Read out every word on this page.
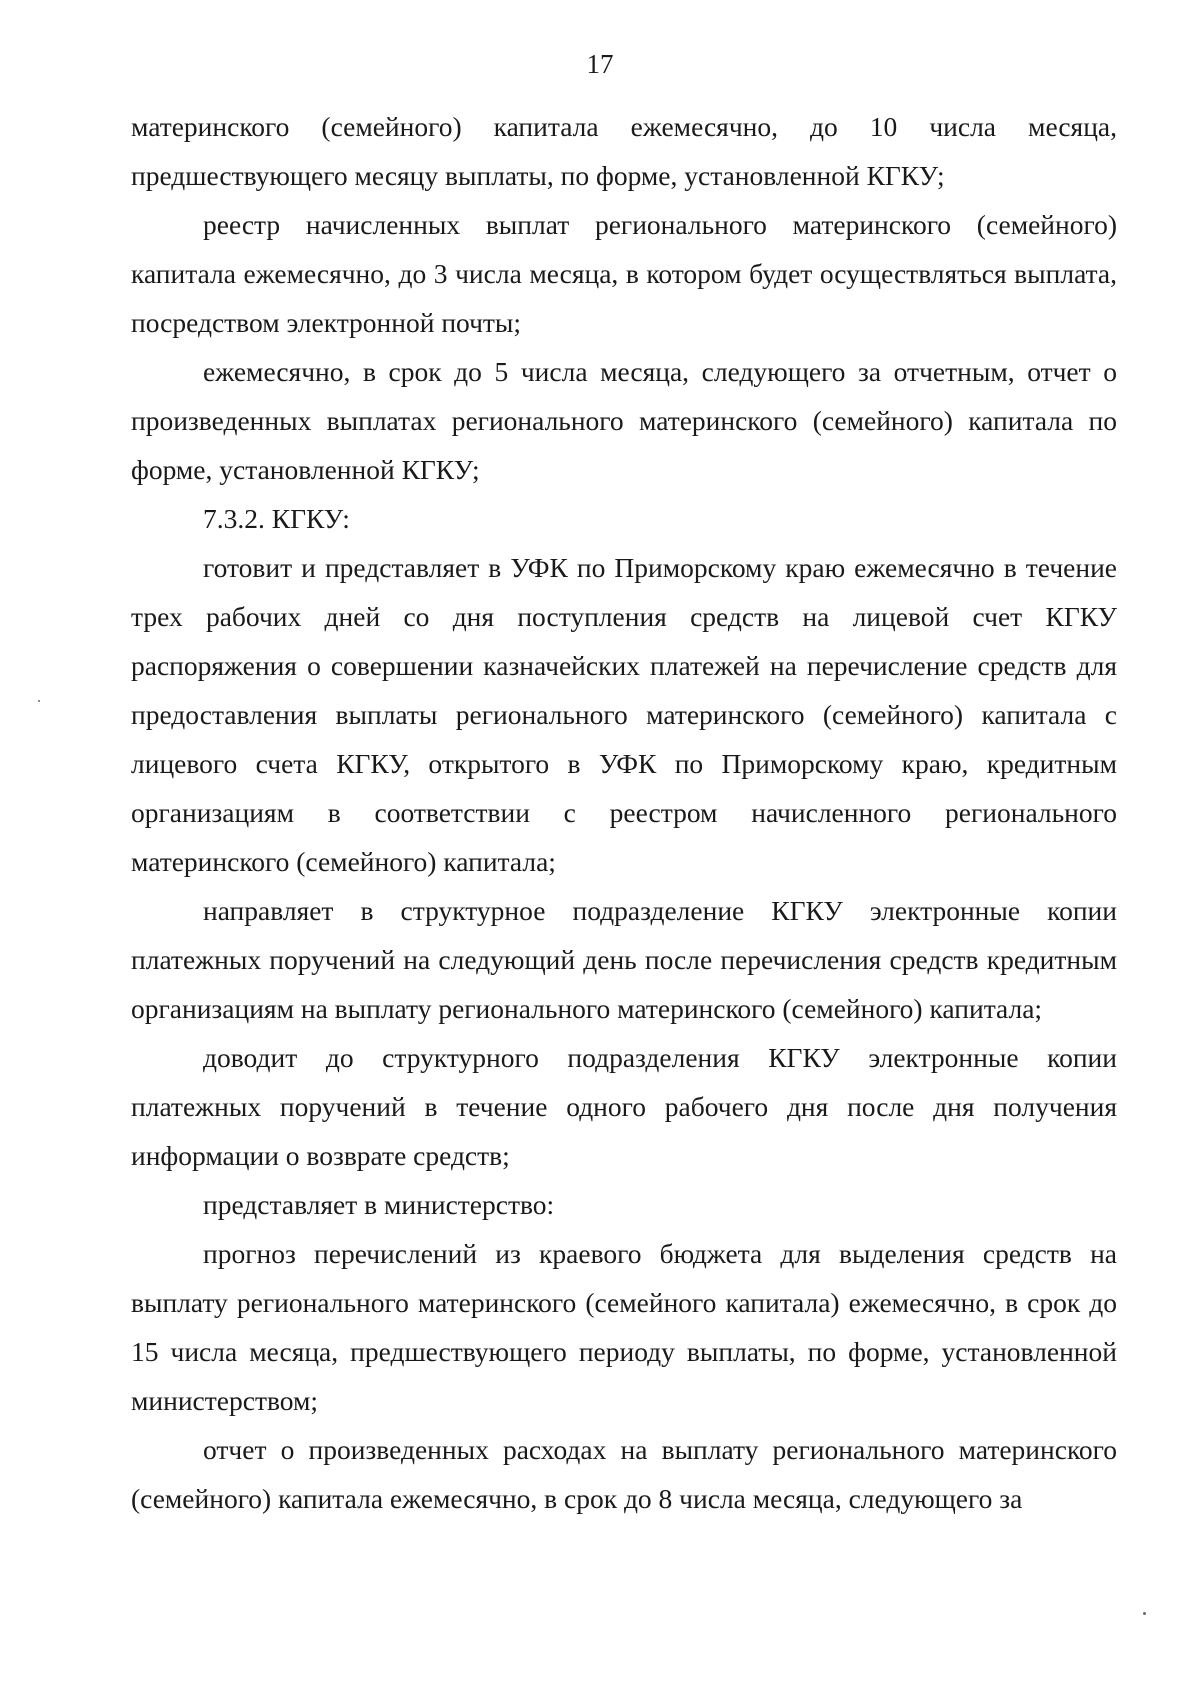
17

материнского (семейного) капитала ежемесячно, до 10 числа месяца, предшествующего месяцу выплаты, по форме, установленной КГКУ;

реестр начисленных выплат регионального материнского (семейного) капитала ежемесячно, до 3 числа месяца, в котором будет осуществляться выплата, посредством электронной почты;

ежемесячно, в срок до 5 числа месяца, следующего за отчетным, отчет о произведенных выплатах регионального материнского (семейного) капитала по форме, установленной КГКУ;

7.3.2. КГКУ:

готовит и представляет в УФК по Приморскому краю ежемесячно в течение трех рабочих дней со дня поступления средств на лицевой счет КГКУ распоряжения о совершении казначейских платежей на перечисление средств для предоставления выплаты регионального материнского (семейного) капитала с лицевого счета КГКУ, открытого в УФК по Приморскому краю, кредитным организациям в соответствии с реестром начисленного регионального материнского (семейного) капитала;

направляет в структурное подразделение КГКУ электронные копии платежных поручений на следующий день после перечисления средств кредитным организациям на выплату регионального материнского (семейного) капитала;

доводит до структурного подразделения КГКУ электронные копии платежных поручений в течение одного рабочего дня после дня получения информации о возврате средств;

представляет в министерство:

прогноз перечислений из краевого бюджета для выделения средств на выплату регионального материнского (семейного капитала) ежемесячно, в срок до 15 числа месяца, предшествующего периоду выплаты, по форме, установленной министерством;

отчет о произведенных расходах на выплату регионального материнского (семейного) капитала ежемесячно, в срок до 8 числа месяца, следующего за
